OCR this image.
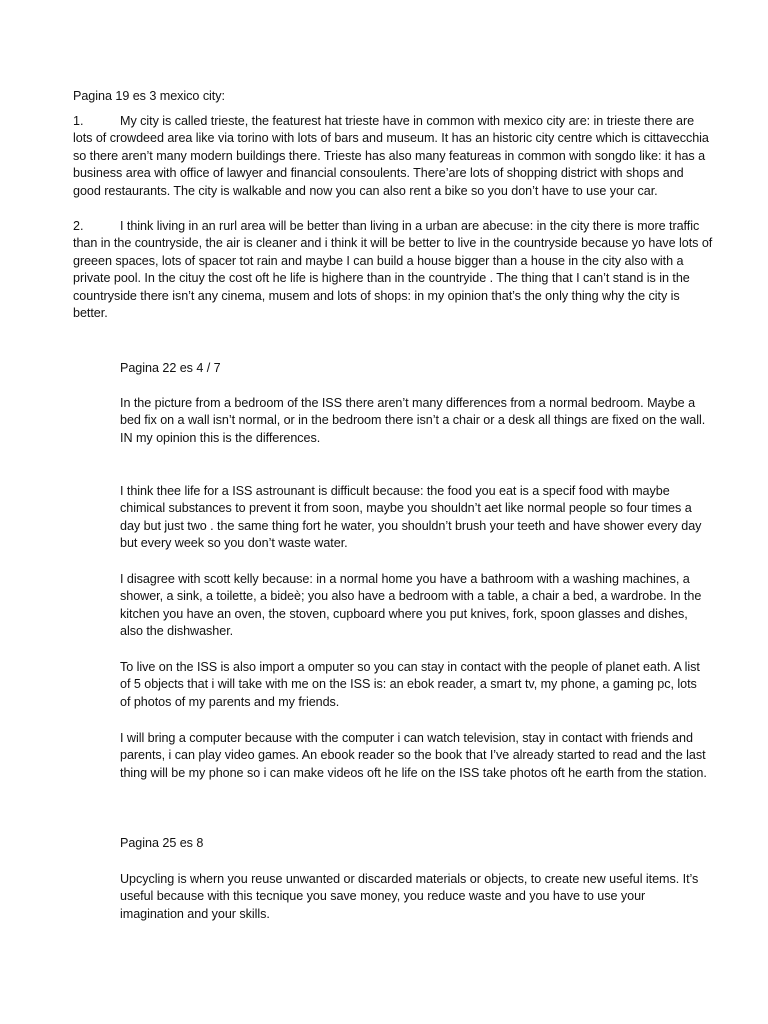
Pagina 19 es 3 mexico city:

1.	My city is called trieste, the featurest hat trieste have in common with mexico city are: in trieste there are lots of crowdeed area like via torino with lots of bars and museum. It has an historic city centre which is cittavecchia so there aren’t many modern buildings there. Trieste has also many featureas in common with songdo like: it has a business area with office of lawyer and financial consoulents. There’are lots of shopping district with shops and good restaurants. The city is walkable and now you can also rent a bike so you don’t have to use your car.
2.	I think living in an rurl area will be better than living in a urban are abecuse: in the city there is more traffic than in the countryside, the air is cleaner and i think it will be better to live in the countryside because yo have lots of greeen spaces, lots of spacer tot rain and maybe I can build a house bigger than a house in the city also with a private pool. In the cituy the cost oft he life is highere than in the countryide . The thing that I can’t stand is in the countryside there isn’t any cinema, musem and lots of shops: in my opinion that’s the only thing why the city is better.

Pagina 22 es 4 / 7

In the picture from a bedroom of the ISS there aren’t many differences from a normal bedroom. Maybe a bed fix on a wall isn’t normal, or in the bedroom there isn’t a chair or a desk all things are fixed on the wall. IN my opinion this is the differences.

I think thee life for a ISS astrounant is difficult because: the food you eat is a specif food with maybe chimical substances to prevent it from soon, maybe you shouldn’t aet like normal people so four times a day but just two . the same thing fort he water, you shouldn’t brush your teeth and have shower every day but every week so you don’t waste water.

I disagree with scott kelly because: in a normal home you have a bathroom with a washing machines, a shower, a sink, a toilette, a bideè; you also have a bedroom with a table, a chair a bed, a wardrobe. In the kitchen you have an oven, the stoven, cupboard where you put knives, fork, spoon glasses and dishes, also the dishwasher.

To live on the ISS is also import a omputer so you can stay in contact with the people of planet eath. A list of 5 objects that i will take with me on the ISS is: an ebok reader, a smart tv, my phone, a gaming pc, lots of photos of my parents and my friends.

I will bring a computer because with the computer i can watch television, stay in contact with friends and parents, i can play video games. An ebook reader so the book that I’ve already started to read and the last thing will be my phone so i can make videos oft he life on the ISS take photos oft he earth from the station.

Pagina 25 es 8

Upcycling is whern you reuse unwanted or discarded materials or objects, to create new useful items. It’s useful because with this tecnique you save money, you reduce waste and you have to use your imagination and your skills.
